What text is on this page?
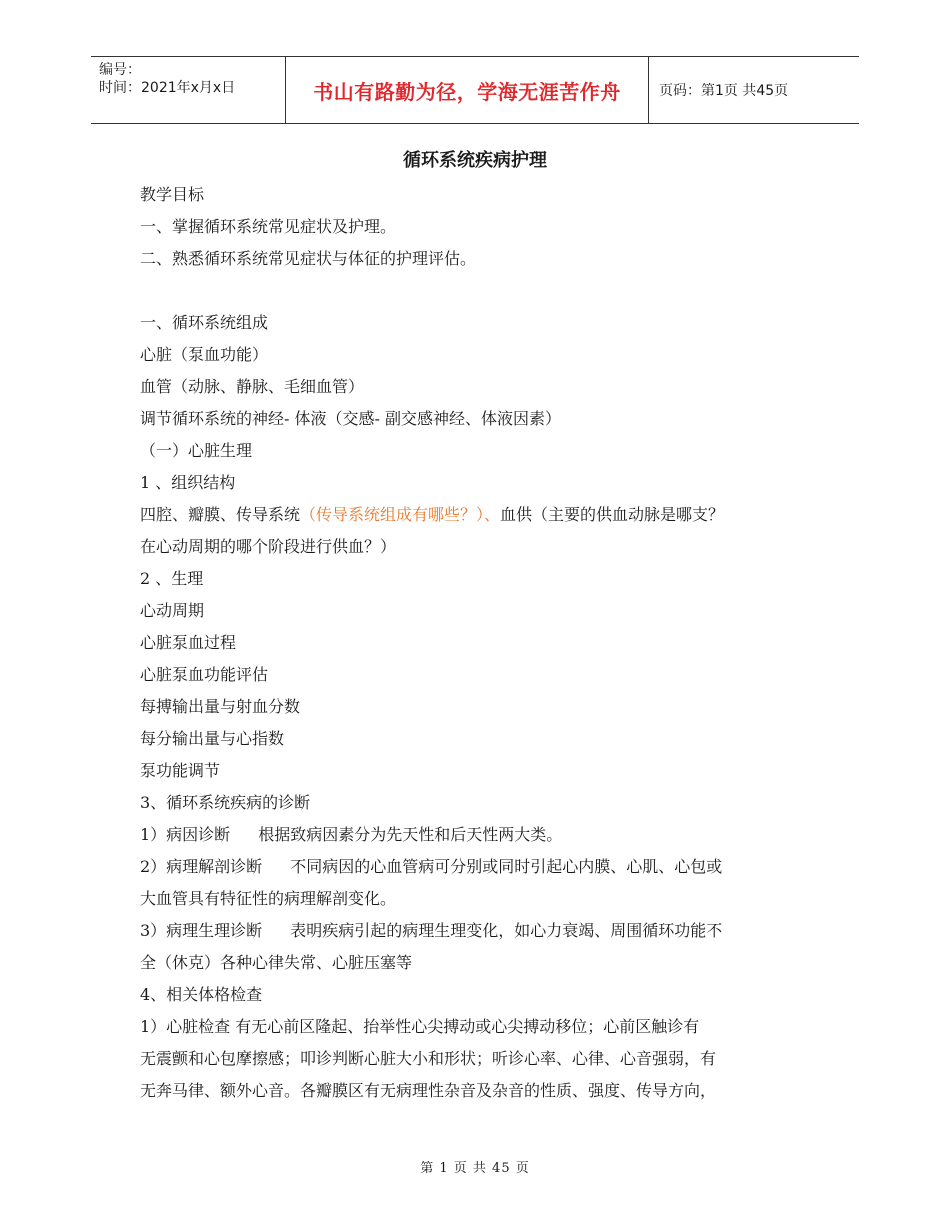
编号：
时间：2021年x月x日	书山有路勤为径，学海无涯苦作舟	页码：第1页 共45页
循环系统疾病护理

教学目标

一、掌握循环系统常见症状及护理。

二、熟悉循环系统常见症状与体征的护理评估。

一、循环系统组成

心脏（泵血功能）

血管（动脉、静脉、毛细血管）

调节循环系统的神经- 体液（交感- 副交感神经、体液因素）

（一）心脏生理

1 、组织结构

四腔、瓣膜、传导系统（传导系统组成有哪些？）、血供（主要的供血动脉是哪支？

在心动周期的哪个阶段进行供血？）

2 、生理

心动周期

心脏泵血过程

心脏泵血功能评估

每搏输出量与射血分数

每分输出量与心指数

泵功能调节

3、循环系统疾病的诊断

1）病因诊断 根据致病因素分为先天性和后天性两大类。

2）病理解剖诊断 不同病因的心血管病可分别或同时引起心内膜、心肌、心包或

大血管具有特征性的病理解剖变化。

3）病理生理诊断 表明疾病引起的病理生理变化，如心力衰竭、周围循环功能不

全（休克）各种心律失常、心脏压塞等

4、相关体格检查

1）心脏检查 有无心前区隆起、抬举性心尖搏动或心尖搏动移位；心前区触诊有

无震颤和心包摩擦感；叩诊判断心脏大小和形状；听诊心率、心律、心音强弱，有

无奔马律、额外心音。各瓣膜区有无病理性杂音及杂音的性质、强度、传导方向，

第 1 页 共 45 页
